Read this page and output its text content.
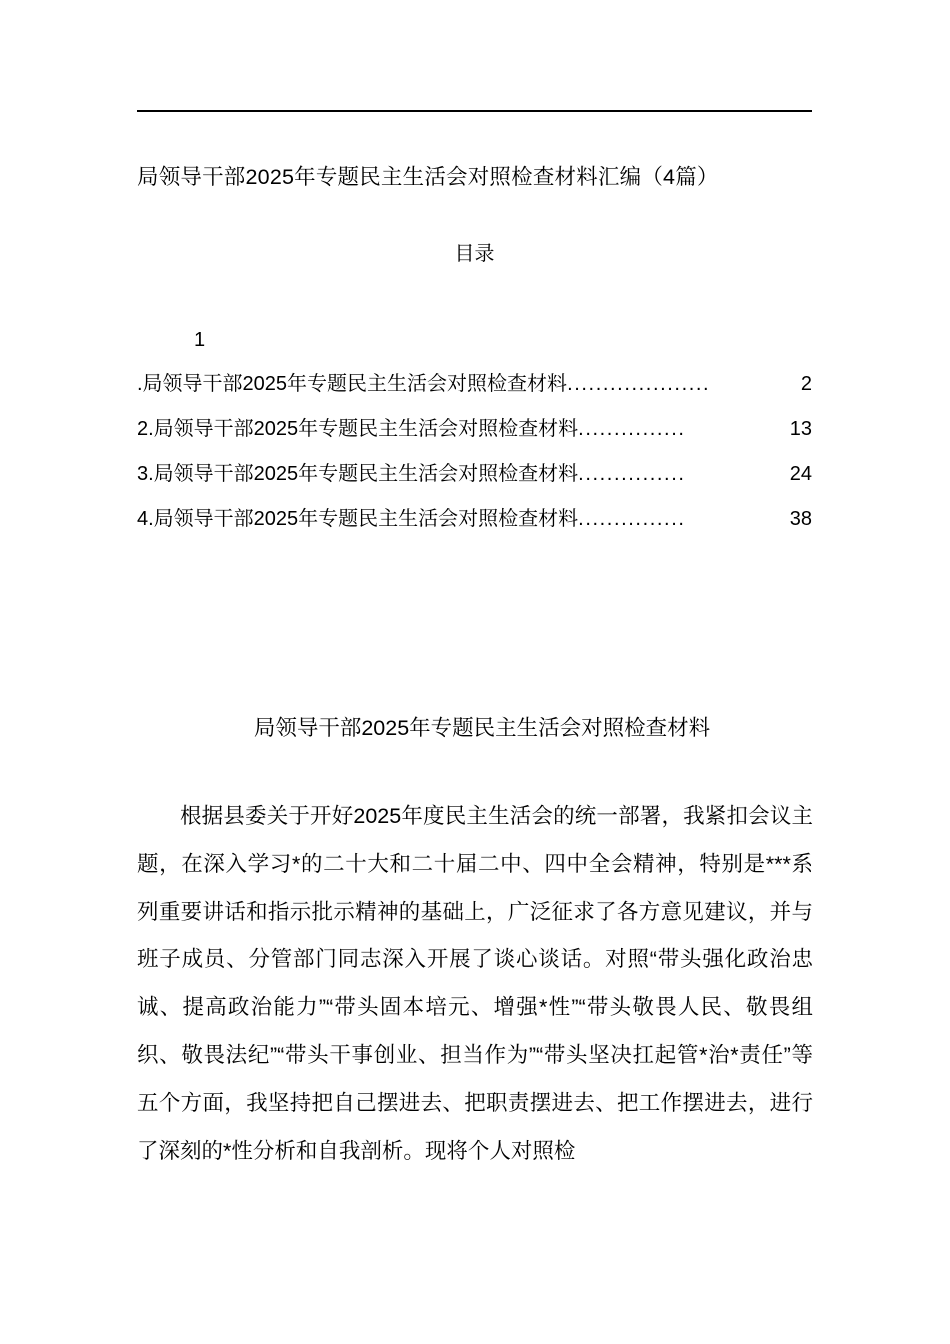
局领导干部2025年专题民主生活会对照检查材料汇编（4篇）
目录
1
.局领导干部2025年专题民主生活会对照检查材料 ....................	2
2.局领导干部2025年专题民主生活会对照检查材料 ...............	13
3.局领导干部2025年专题民主生活会对照检查材料 ...............	24
4.局领导干部2025年专题民主生活会对照检查材料 ...............	38
局领导干部2025年专题民主生活会对照检查材料
根据县委关于开好2025年度民主生活会的统一部署，我紧扣会议主题，在深入学习*的二十大和二十届二中、四中全会精神，特别是***系列重要讲话和指示批示精神的基础上，广泛征求了各方意见建议，并与班子成员、分管部门同志深入开展了谈心谈话。对照“带头强化政治忠诚、提高政治能力”“带头固本培元、增强*性”“带头敬畏人民、敬畏组织、敬畏法纪”“带头干事创业、担当作为”“带头坚决扛起管*治*责任”等五个方面，我坚持把自己摆进去、把职责摆进去、把工作摆进去，进行了深刻的*性分析和自我剖析。现将个人对照检
